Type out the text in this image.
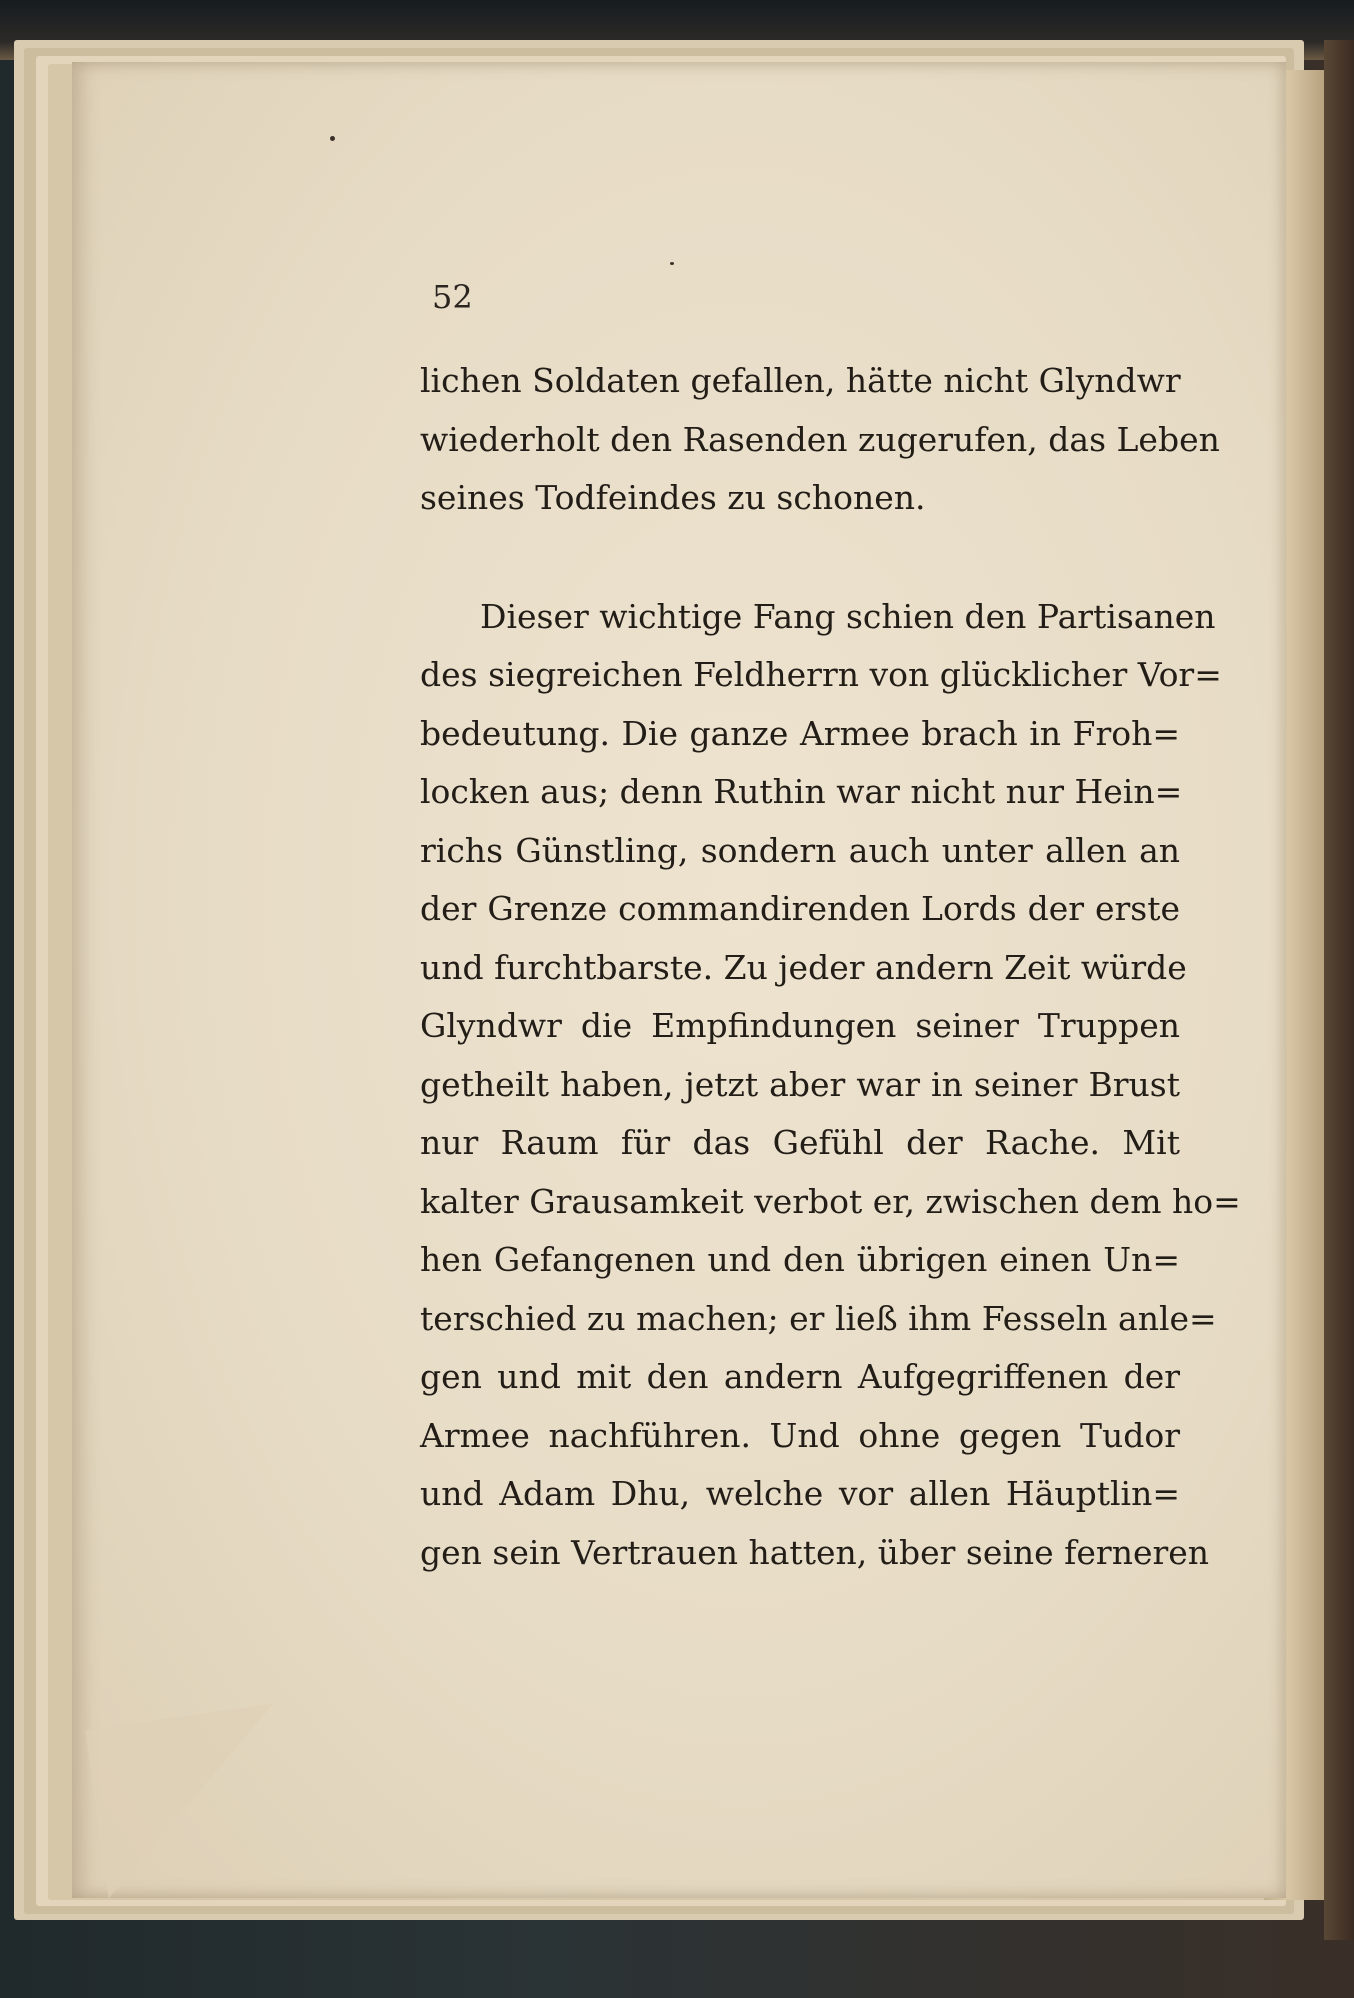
52
lichen Soldaten gefallen, hätte nicht Glyndwr
wiederholt den Rasenden zugerufen, das Leben
seines Todfeindes zu schonen.
Dieser wichtige Fang schien den Partisanen
des siegreichen Feldherrn von glücklicher Vor=
bedeutung. Die ganze Armee brach in Froh=
locken aus; denn Ruthin war nicht nur Hein=
richs Günstling, sondern auch unter allen an
der Grenze commandirenden Lords der erste
und furchtbarste. Zu jeder andern Zeit würde
Glyndwr die Empfindungen seiner Truppen
getheilt haben, jetzt aber war in seiner Brust
nur Raum für das Gefühl der Rache. Mit
kalter Grausamkeit verbot er, zwischen dem ho=
hen Gefangenen und den übrigen einen Un=
terschied zu machen; er ließ ihm Fesseln anle=
gen und mit den andern Aufgegriffenen der
Armee nachführen. Und ohne gegen Tudor
und Adam Dhu, welche vor allen Häuptlin=
gen sein Vertrauen hatten, über seine ferneren
